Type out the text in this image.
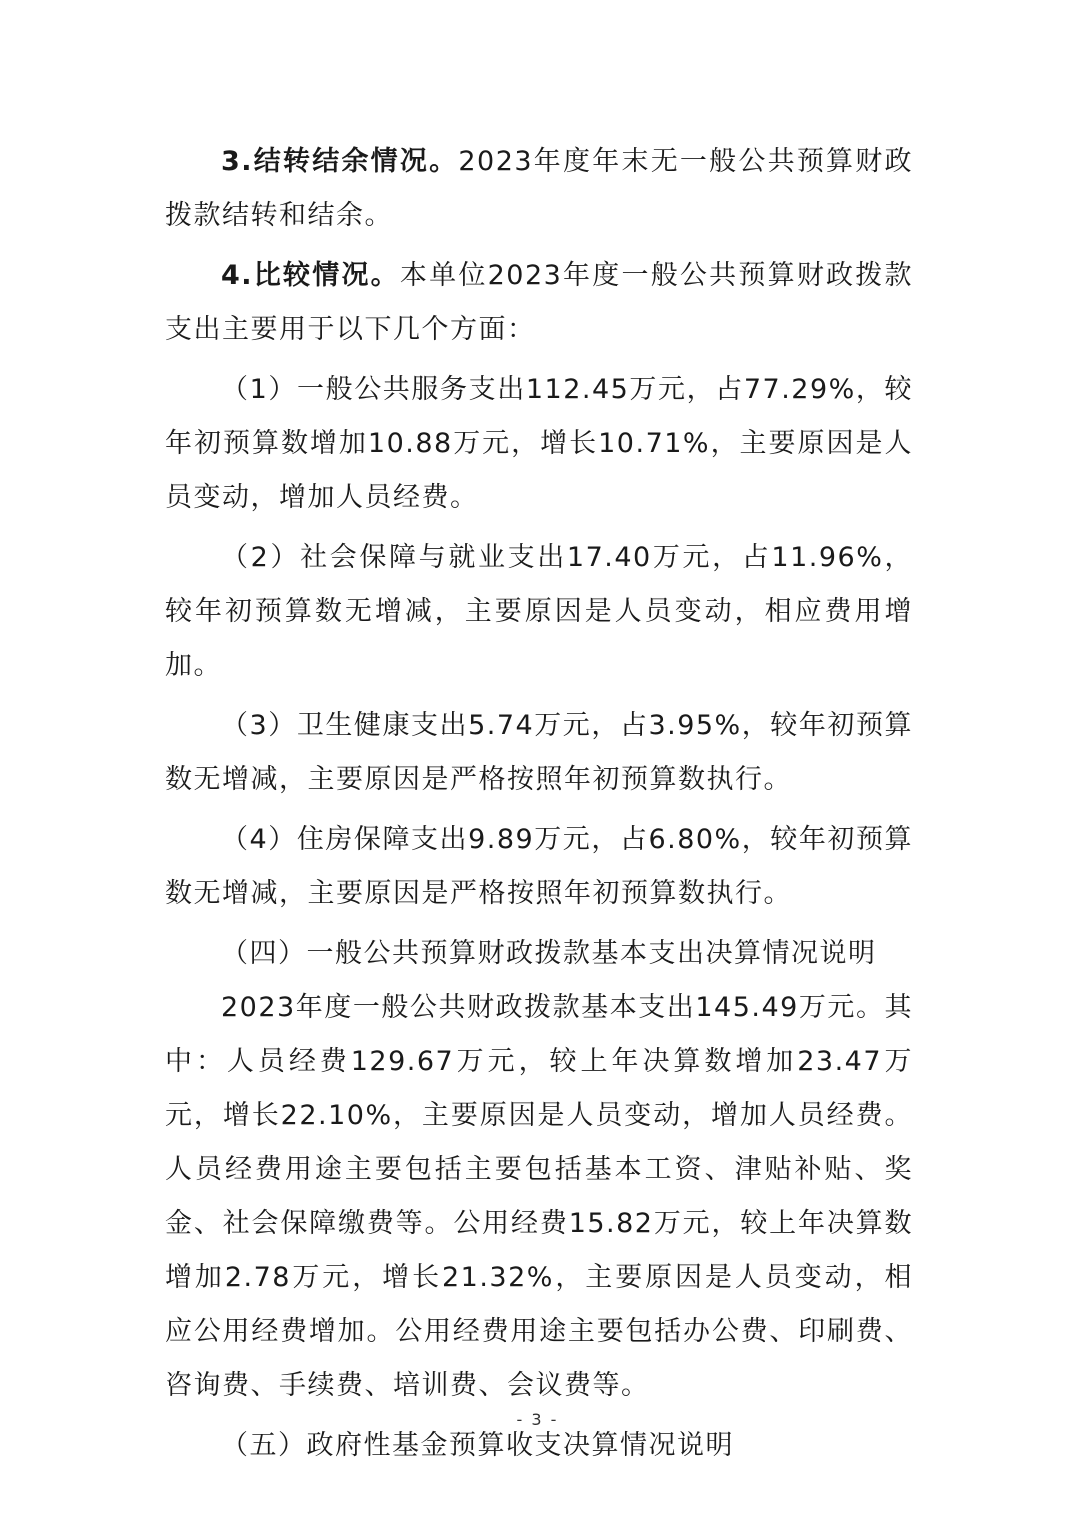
3.结转结余情况。2023年度年末无一般公共预算财政拨款结转和结余。

4.比较情况。本单位2023年度一般公共预算财政拨款支出主要用于以下几个方面：

（1）一般公共服务支出112.45万元，占77.29%，较年初预算数增加10.88万元，增长10.71%，主要原因是人员变动，增加人员经费。

（2）社会保障与就业支出17.40万元，占11.96%，较年初预算数无增减，主要原因是人员变动，相应费用增加。

（3）卫生健康支出5.74万元，占3.95%，较年初预算数无增减，主要原因是严格按照年初预算数执行。

（4）住房保障支出9.89万元，占6.80%，较年初预算数无增减，主要原因是严格按照年初预算数执行。

（四）一般公共预算财政拨款基本支出决算情况说明

2023年度一般公共财政拨款基本支出145.49万元。其中：人员经费129.67万元，较上年决算数增加23.47万元，增长22.10%，主要原因是人员变动，增加人员经费。人员经费用途主要包括主要包括基本工资、津贴补贴、奖金、社会保障缴费等。公用经费15.82万元，较上年决算数增加2.78万元，增长21.32%，主要原因是人员变动，相应公用经费增加。公用经费用途主要包括办公费、印刷费、咨询费、手续费、培训费、会议费等。

（五）政府性基金预算收支决算情况说明

- 3 -
